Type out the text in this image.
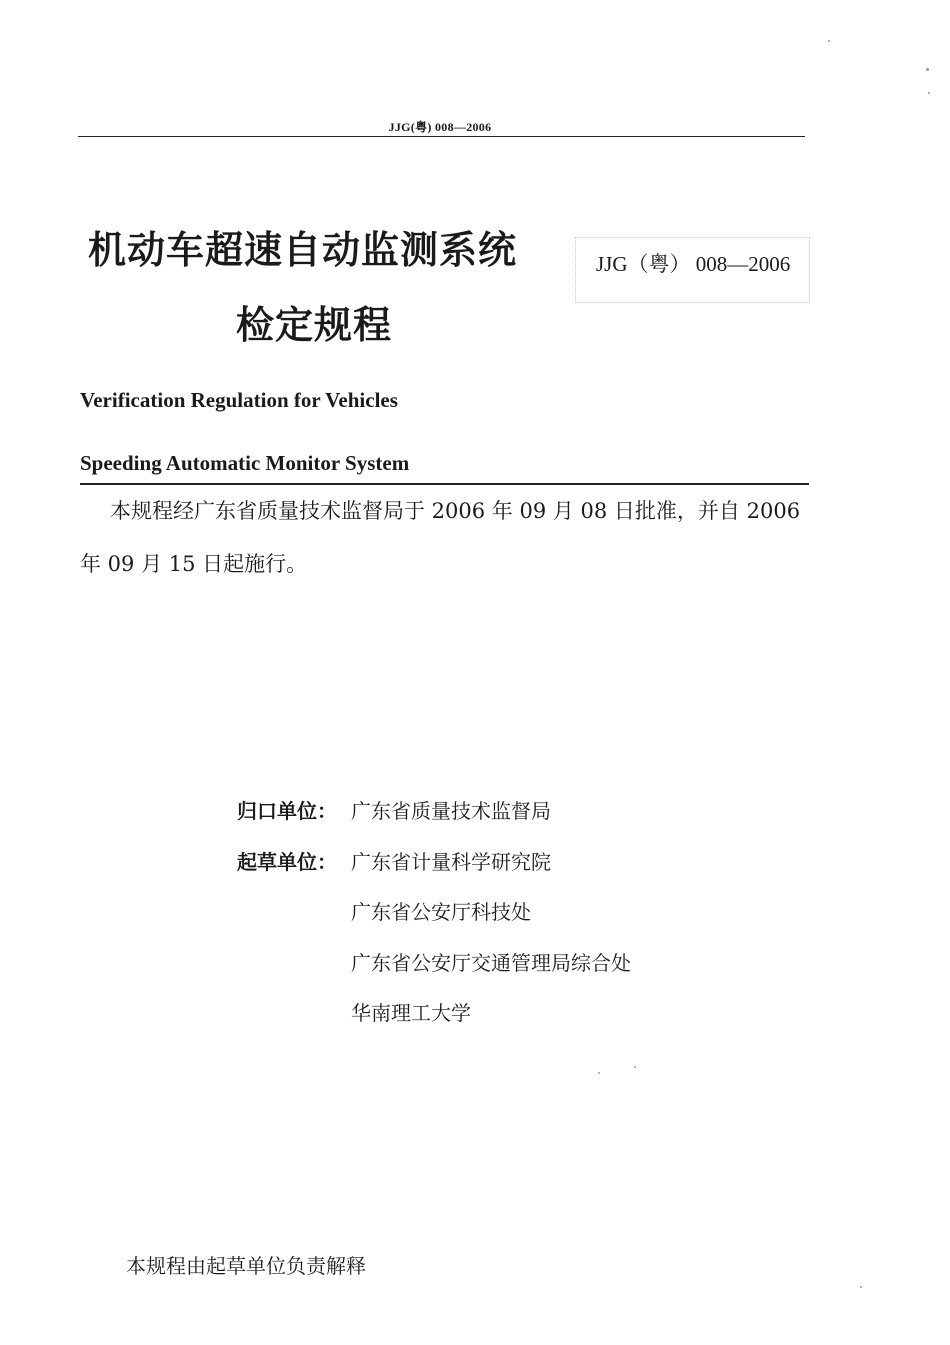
JJG(粤) 008—2006
机动车超速自动监测系统
检定规程
JJG（粤） 008—2006
Verification Regulation for Vehicles
Speeding Automatic Monitor System
本规程经广东省质量技术监督局于 2006 年 09 月 08 日批准，并自 2006
年 09 月 15 日起施行。
归口单位： 广东省质量技术监督局
起草单位： 广东省计量科学研究院
广东省公安厅科技处
广东省公安厅交通管理局综合处
华南理工大学
本规程由起草单位负责解释
